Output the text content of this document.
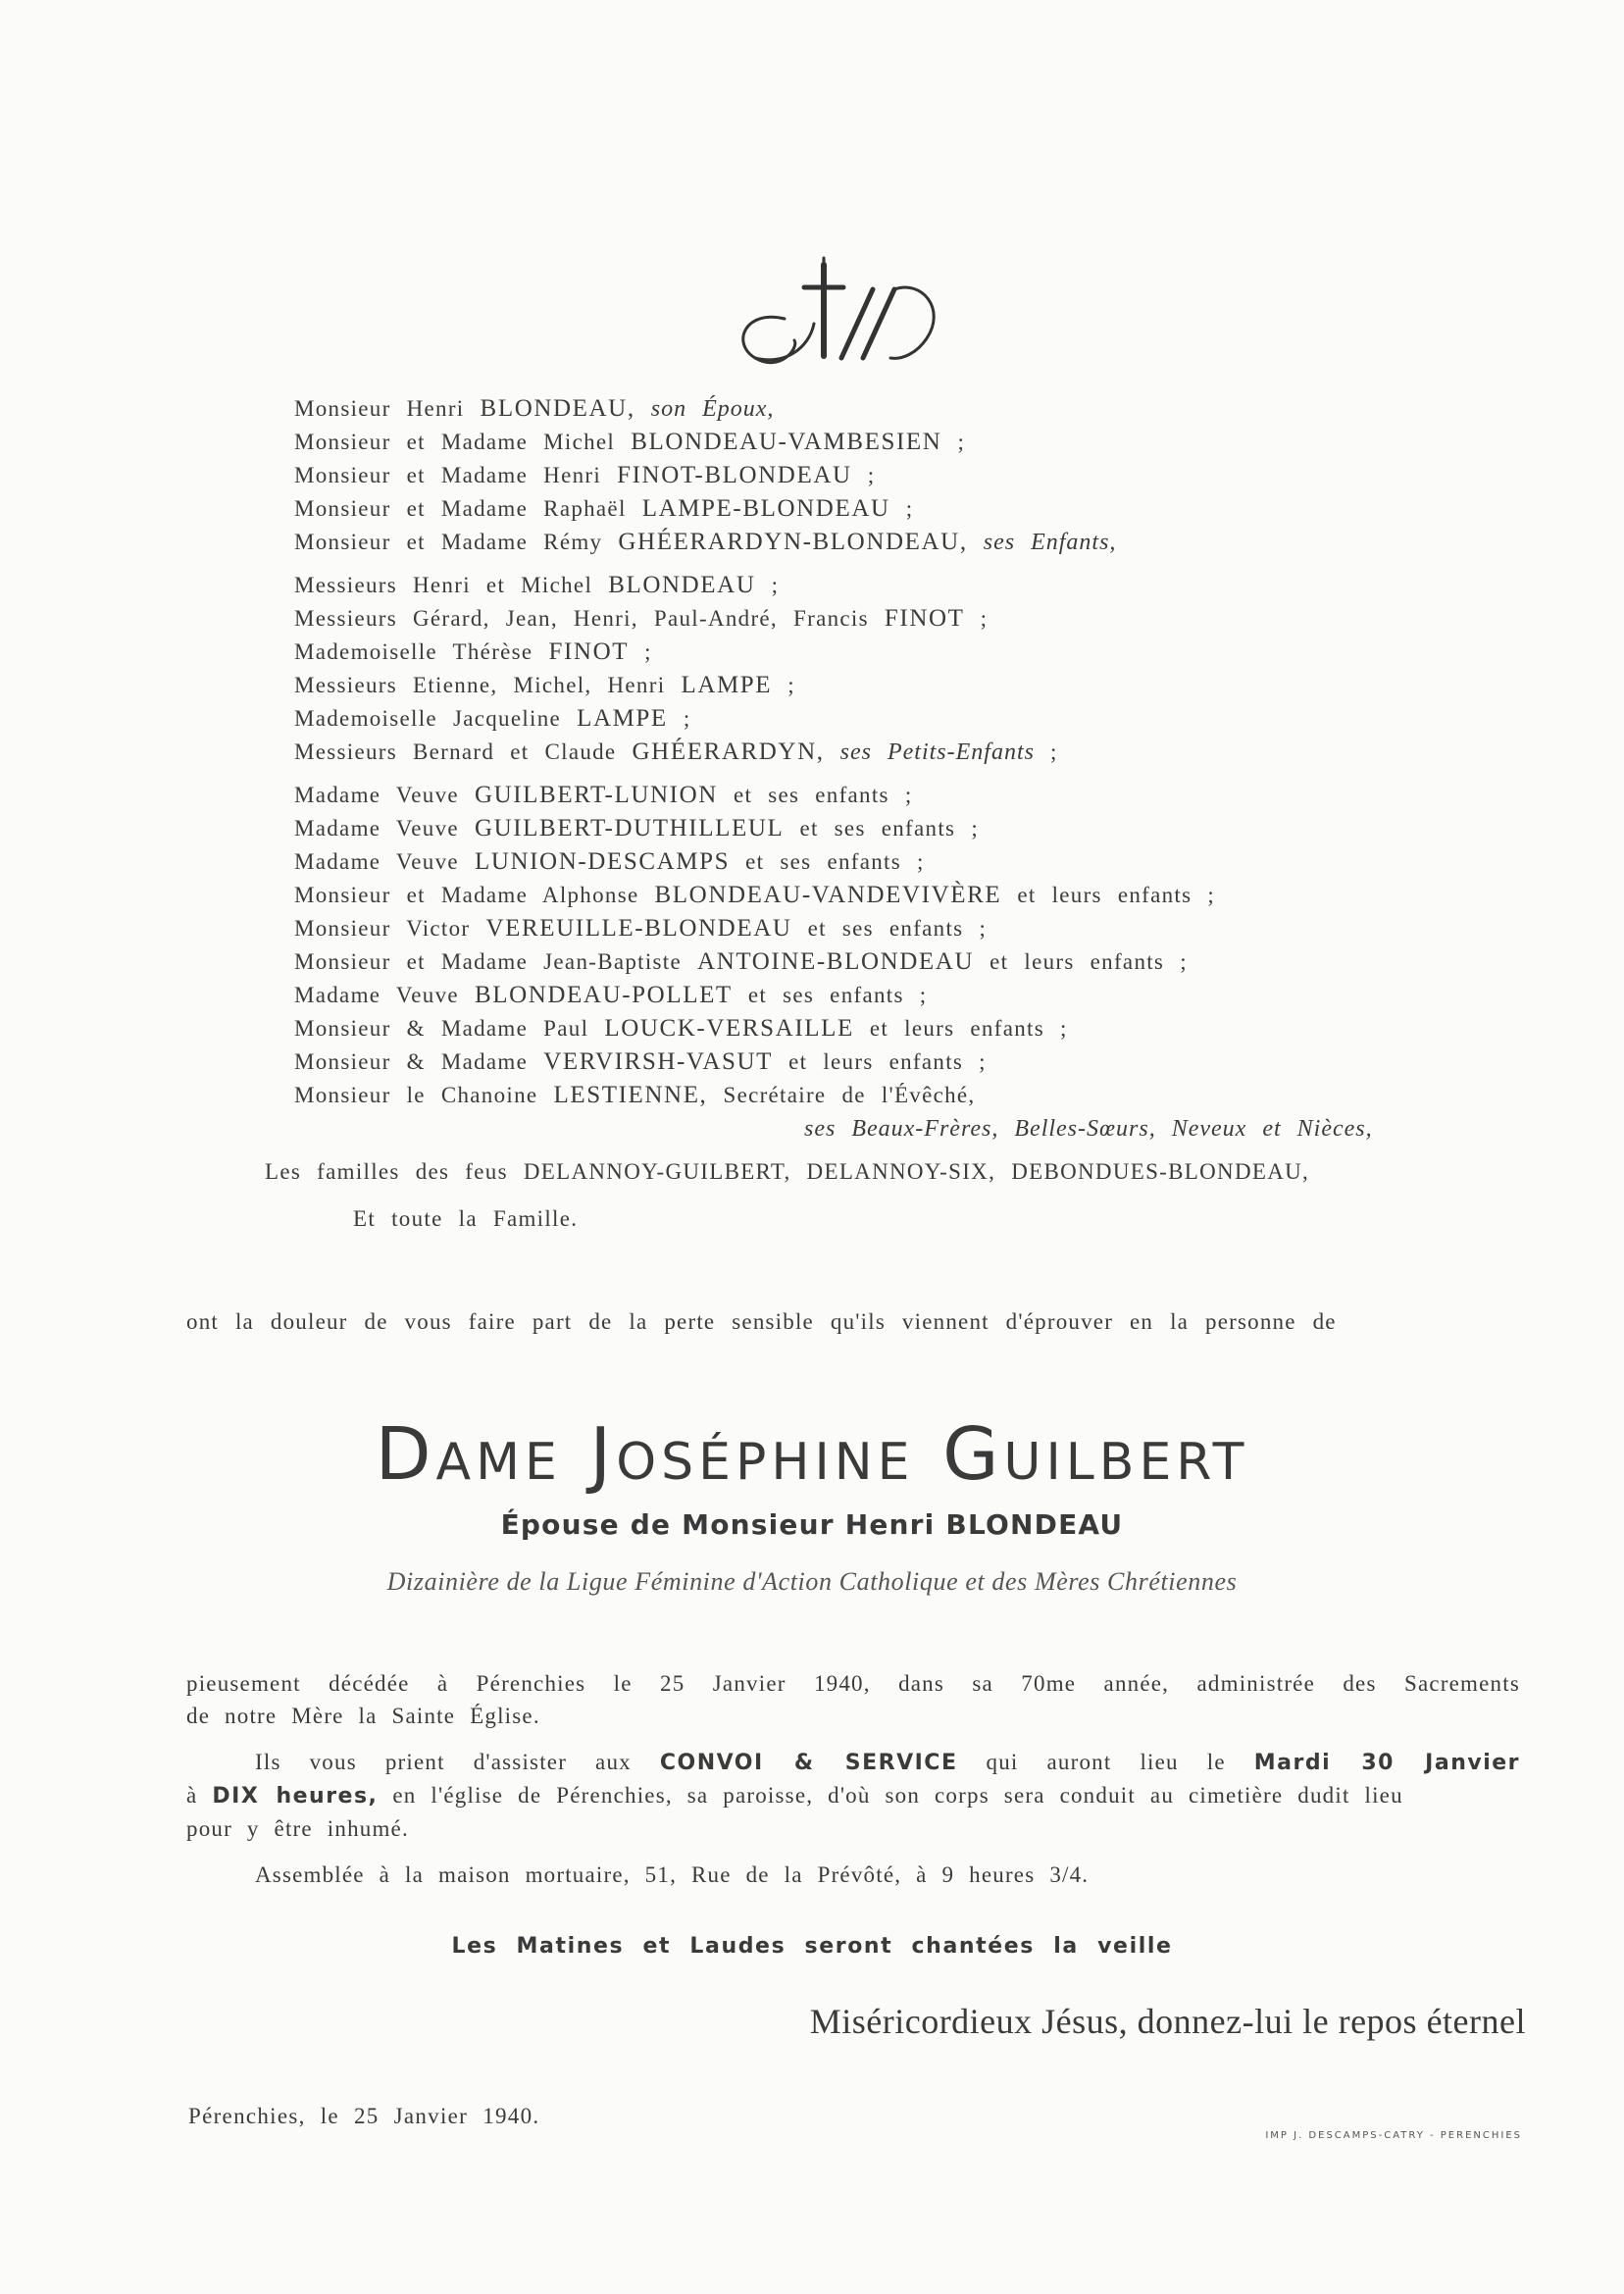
Monsieur Henri BLONDEAU, son Époux,
Monsieur et Madame Michel BLONDEAU-VAMBESIEN ;
Monsieur et Madame Henri FINOT-BLONDEAU ;
Monsieur et Madame Raphaël LAMPE-BLONDEAU ;
Monsieur et Madame Rémy GHÉERARDYN-BLONDEAU, ses Enfants,
Messieurs Henri et Michel BLONDEAU ;
Messieurs Gérard, Jean, Henri, Paul-André, Francis FINOT ;
Mademoiselle Thérèse FINOT ;
Messieurs Etienne, Michel, Henri LAMPE ;
Mademoiselle Jacqueline LAMPE ;
Messieurs Bernard et Claude GHÉERARDYN, ses Petits-Enfants ;
Madame Veuve GUILBERT-LUNION et ses enfants ;
Madame Veuve GUILBERT-DUTHILLEUL et ses enfants ;
Madame Veuve LUNION-DESCAMPS et ses enfants ;
Monsieur et Madame Alphonse BLONDEAU-VANDEVIVÈRE et leurs enfants ;
Monsieur Victor VEREUILLE-BLONDEAU et ses enfants ;
Monsieur et Madame Jean-Baptiste ANTOINE-BLONDEAU et leurs enfants ;
Madame Veuve BLONDEAU-POLLET et ses enfants ;
Monsieur & Madame Paul LOUCK-VERSAILLE et leurs enfants ;
Monsieur & Madame VERVIRSH-VASUT et leurs enfants ;
Monsieur le Chanoine LESTIENNE, Secrétaire de l'Évêché,
ses Beaux-Frères, Belles-Sœurs, Neveux et Nièces,
Les familles des feus DELANNOY-GUILBERT, DELANNOY-SIX, DEBONDUES-BLONDEAU,
Et toute la Famille.
ont la douleur de vous faire part de la perte sensible qu'ils viennent d'éprouver en la personne de
Dame Joséphine Guilbert
Épouse de Monsieur Henri BLONDEAU
Dizainière de la Ligue Féminine d'Action Catholique et des Mères Chrétiennes
pieusement décédée à Pérenchies le 25 Janvier 1940, dans sa 70me année, administrée des Sacrements
de notre Mère la Sainte Église.
Ils vous prient d'assister aux CONVOI & SERVICE qui auront lieu le Mardi 30 Janvier
à DIX heures, en l'église de Pérenchies, sa paroisse, d'où son corps sera conduit au cimetière dudit lieu
pour y être inhumé.
Assemblée à la maison mortuaire, 51, Rue de la Prévôté, à 9 heures 3/4.
Les Matines et Laudes seront chantées la veille
Miséricordieux Jésus, donnez-lui le repos éternel
Pérenchies, le 25 Janvier 1940.
IMP J. DESCAMPS-CATRY - PERENCHIES
